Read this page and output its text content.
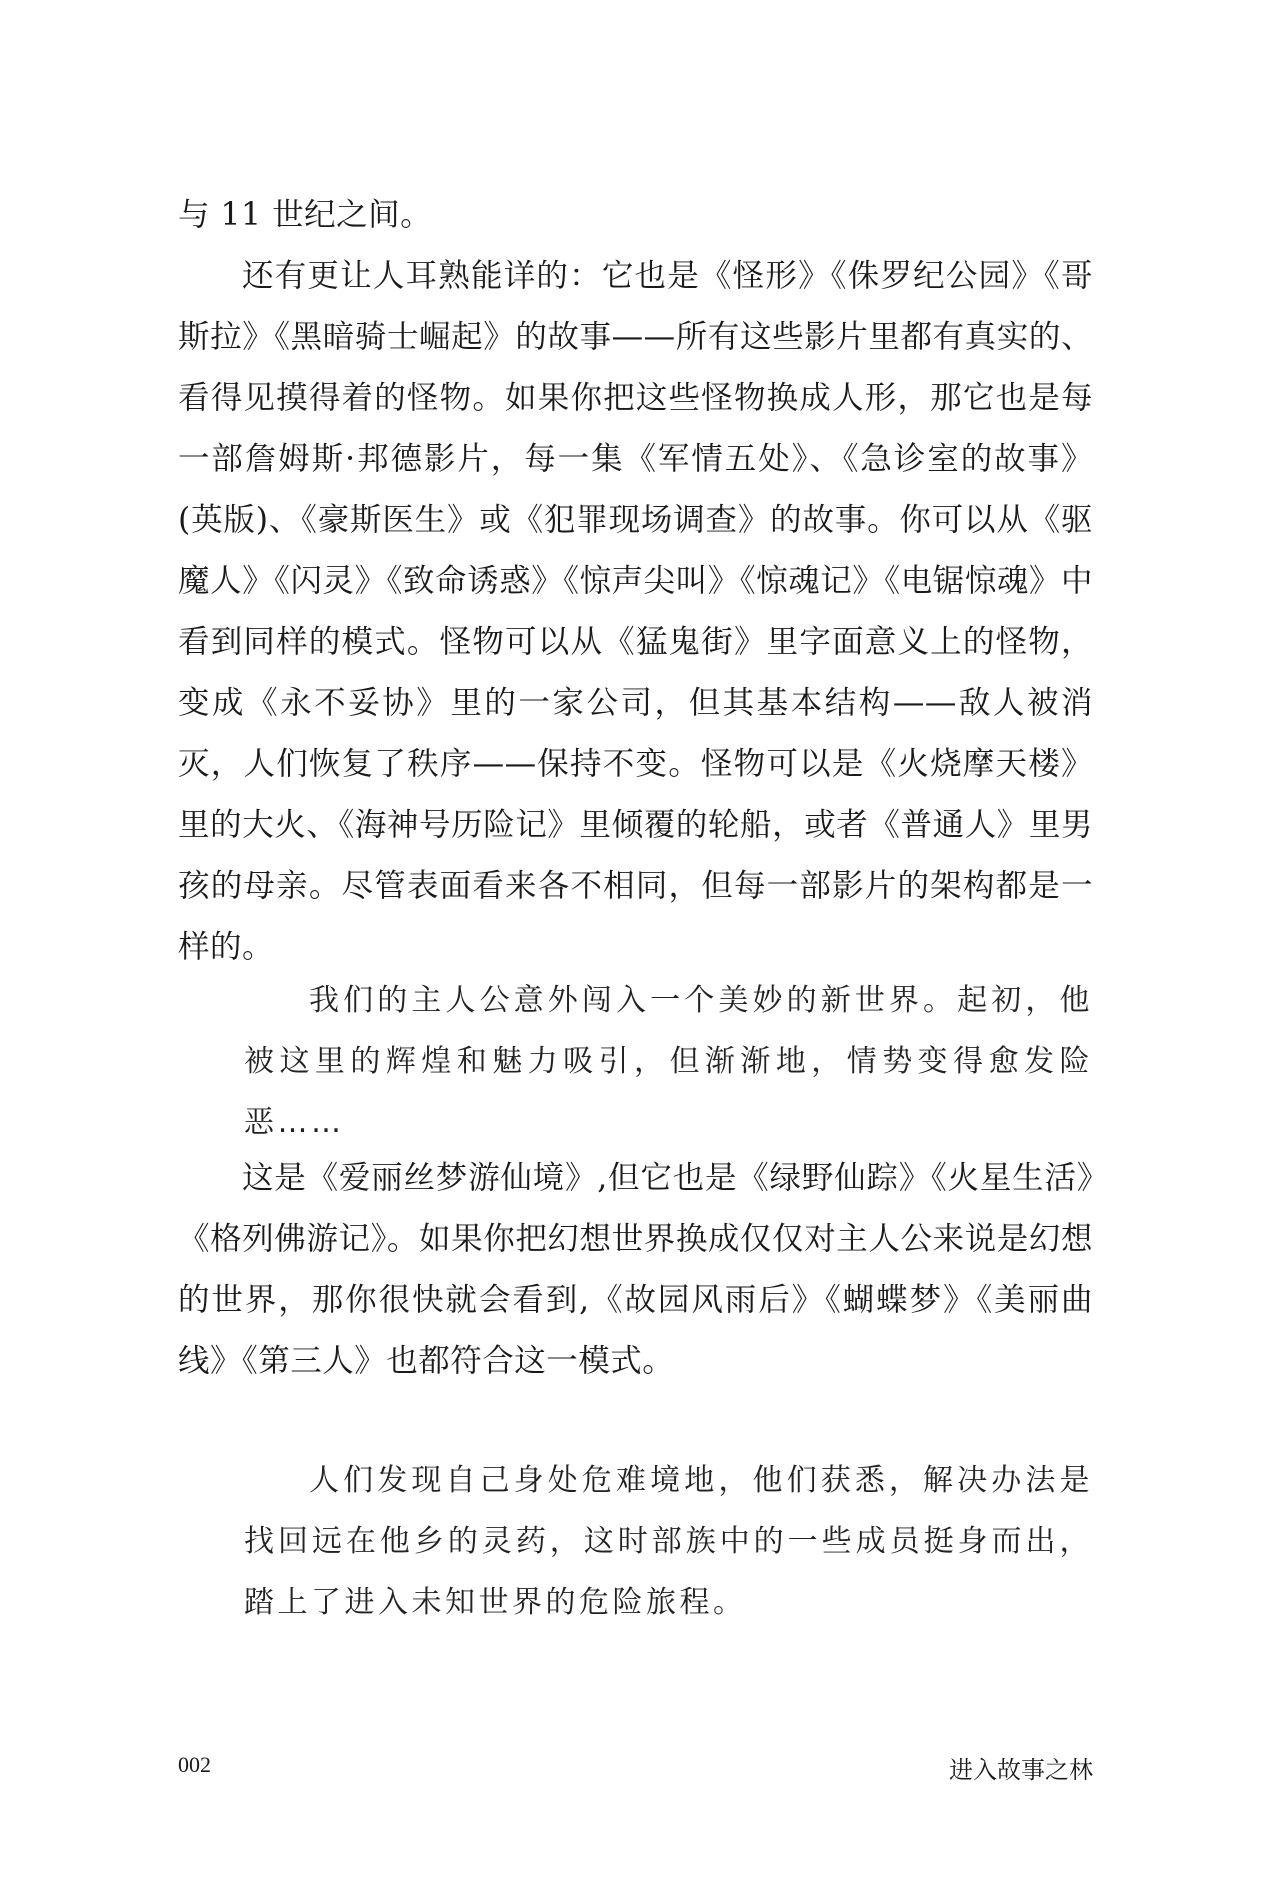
与 11 世纪之间。

还有更让人耳熟能详的：它也是《怪形》《侏罗纪公园》《哥斯拉》《黑暗骑士崛起》的故事——所有这些影片里都有真实的、看得见摸得着的怪物。如果你把这些怪物换成人形，那它也是每一部詹姆斯·邦德影片，每一集《军情五处》、《急诊室的故事》(英版)、《豪斯医生》或《犯罪现场调查》的故事。你可以从《驱魔人》《闪灵》《致命诱惑》《惊声尖叫》《惊魂记》《电锯惊魂》中看到同样的模式。怪物可以从《猛鬼街》里字面意义上的怪物，变成《永不妥协》里的一家公司，但其基本结构——敌人被消灭，人们恢复了秩序——保持不变。怪物可以是《火烧摩天楼》里的大火、《海神号历险记》里倾覆的轮船，或者《普通人》里男孩的母亲。尽管表面看来各不相同，但每一部影片的架构都是一样的。

我们的主人公意外闯入一个美妙的新世界。起初，他被这里的辉煌和魅力吸引，但渐渐地，情势变得愈发险恶……

这是《爱丽丝梦游仙境》,但它也是《绿野仙踪》《火星生活》《格列佛游记》。如果你把幻想世界换成仅仅对主人公来说是幻想的世界，那你很快就会看到,《故园风雨后》《蝴蝶梦》《美丽曲线》《第三人》也都符合这一模式。

人们发现自己身处危难境地，他们获悉，解决办法是找回远在他乡的灵药，这时部族中的一些成员挺身而出，踏上了进入未知世界的危险旅程。

002	进入故事之林
